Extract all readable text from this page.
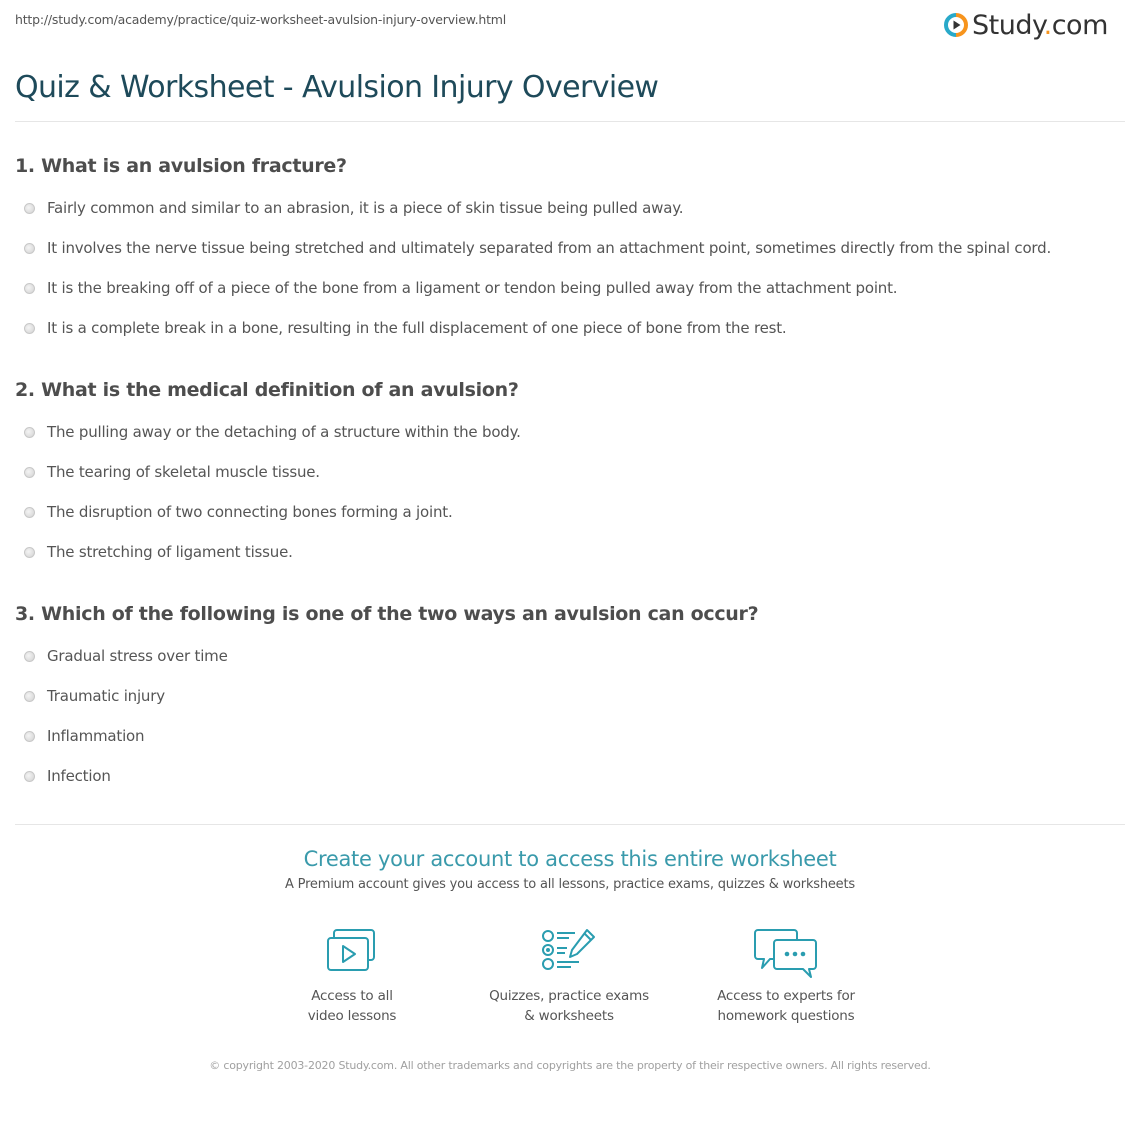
http://study.com/academy/practice/quiz-worksheet-avulsion-injury-overview.html	Study.com
Quiz & Worksheet - Avulsion Injury Overview
1. What is an avulsion fracture?
Fairly common and similar to an abrasion, it is a piece of skin tissue being pulled away.
It involves the nerve tissue being stretched and ultimately separated from an attachment point, sometimes directly from the spinal cord.
It is the breaking off of a piece of the bone from a ligament or tendon being pulled away from the attachment point.
It is a complete break in a bone, resulting in the full displacement of one piece of bone from the rest.
2. What is the medical definition of an avulsion?
The pulling away or the detaching of a structure within the body.
The tearing of skeletal muscle tissue.
The disruption of two connecting bones forming a joint.
The stretching of ligament tissue.
3. Which of the following is one of the two ways an avulsion can occur?
Gradual stress over time
Traumatic injury
Inflammation
Infection
Create your account to access this entire worksheet
A Premium account gives you access to all lessons, practice exams, quizzes & worksheets
Access to all
video lessons
Quizzes, practice exams
& worksheets
Access to experts for
homework questions
© copyright 2003-2020 Study.com. All other trademarks and copyrights are the property of their respective owners. All rights reserved.
